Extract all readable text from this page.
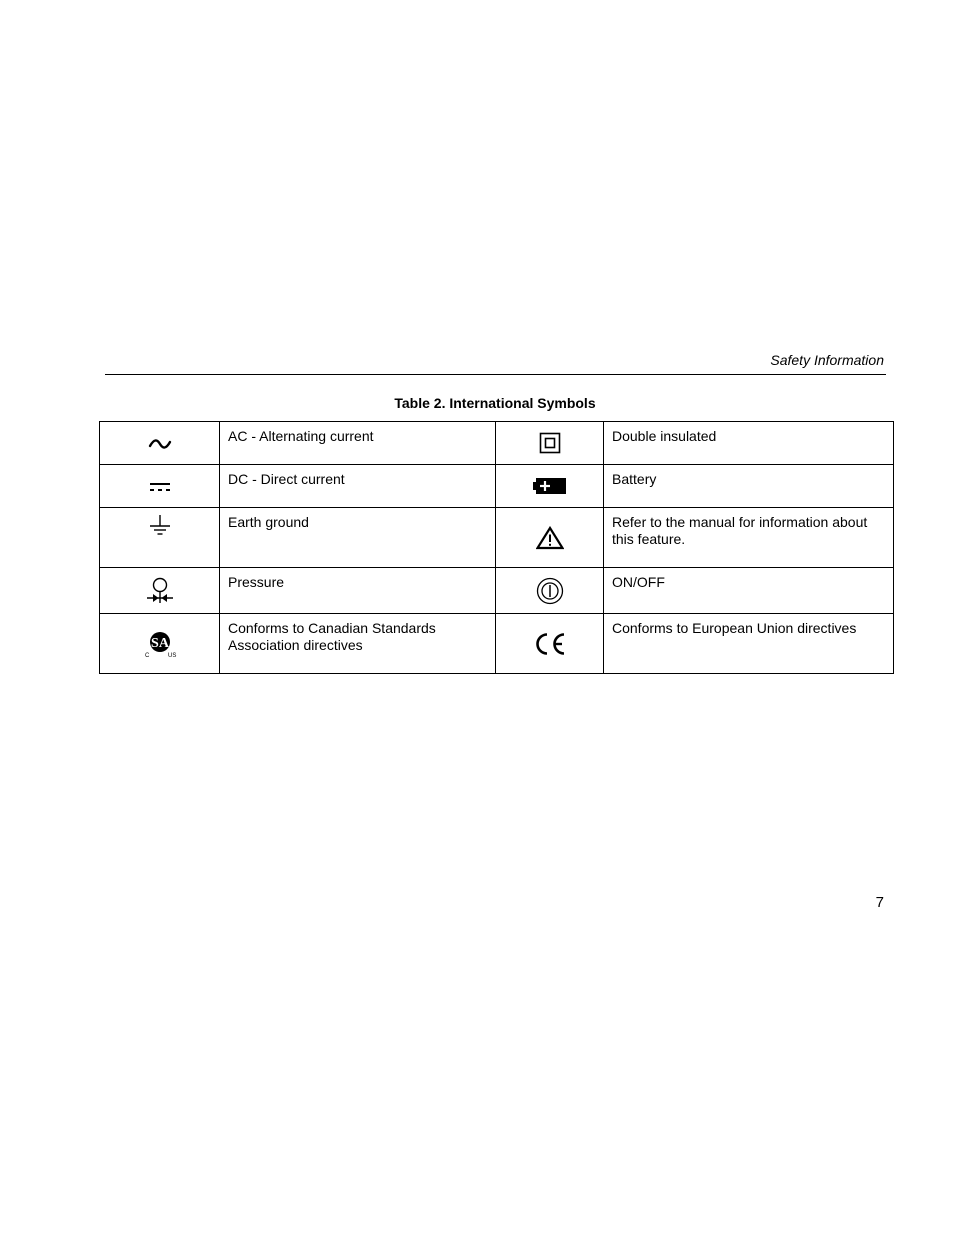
Safety Information
Table 2. International Symbols
	AC - Alternating current		Double insulated
	DC - Direct current		Battery
	Earth ground		Refer to the manual for information about this feature.
	Pressure		ON/OFF

SA
C US	Conforms to Canadian Standards Association directives		Conforms to European Union directives
7
